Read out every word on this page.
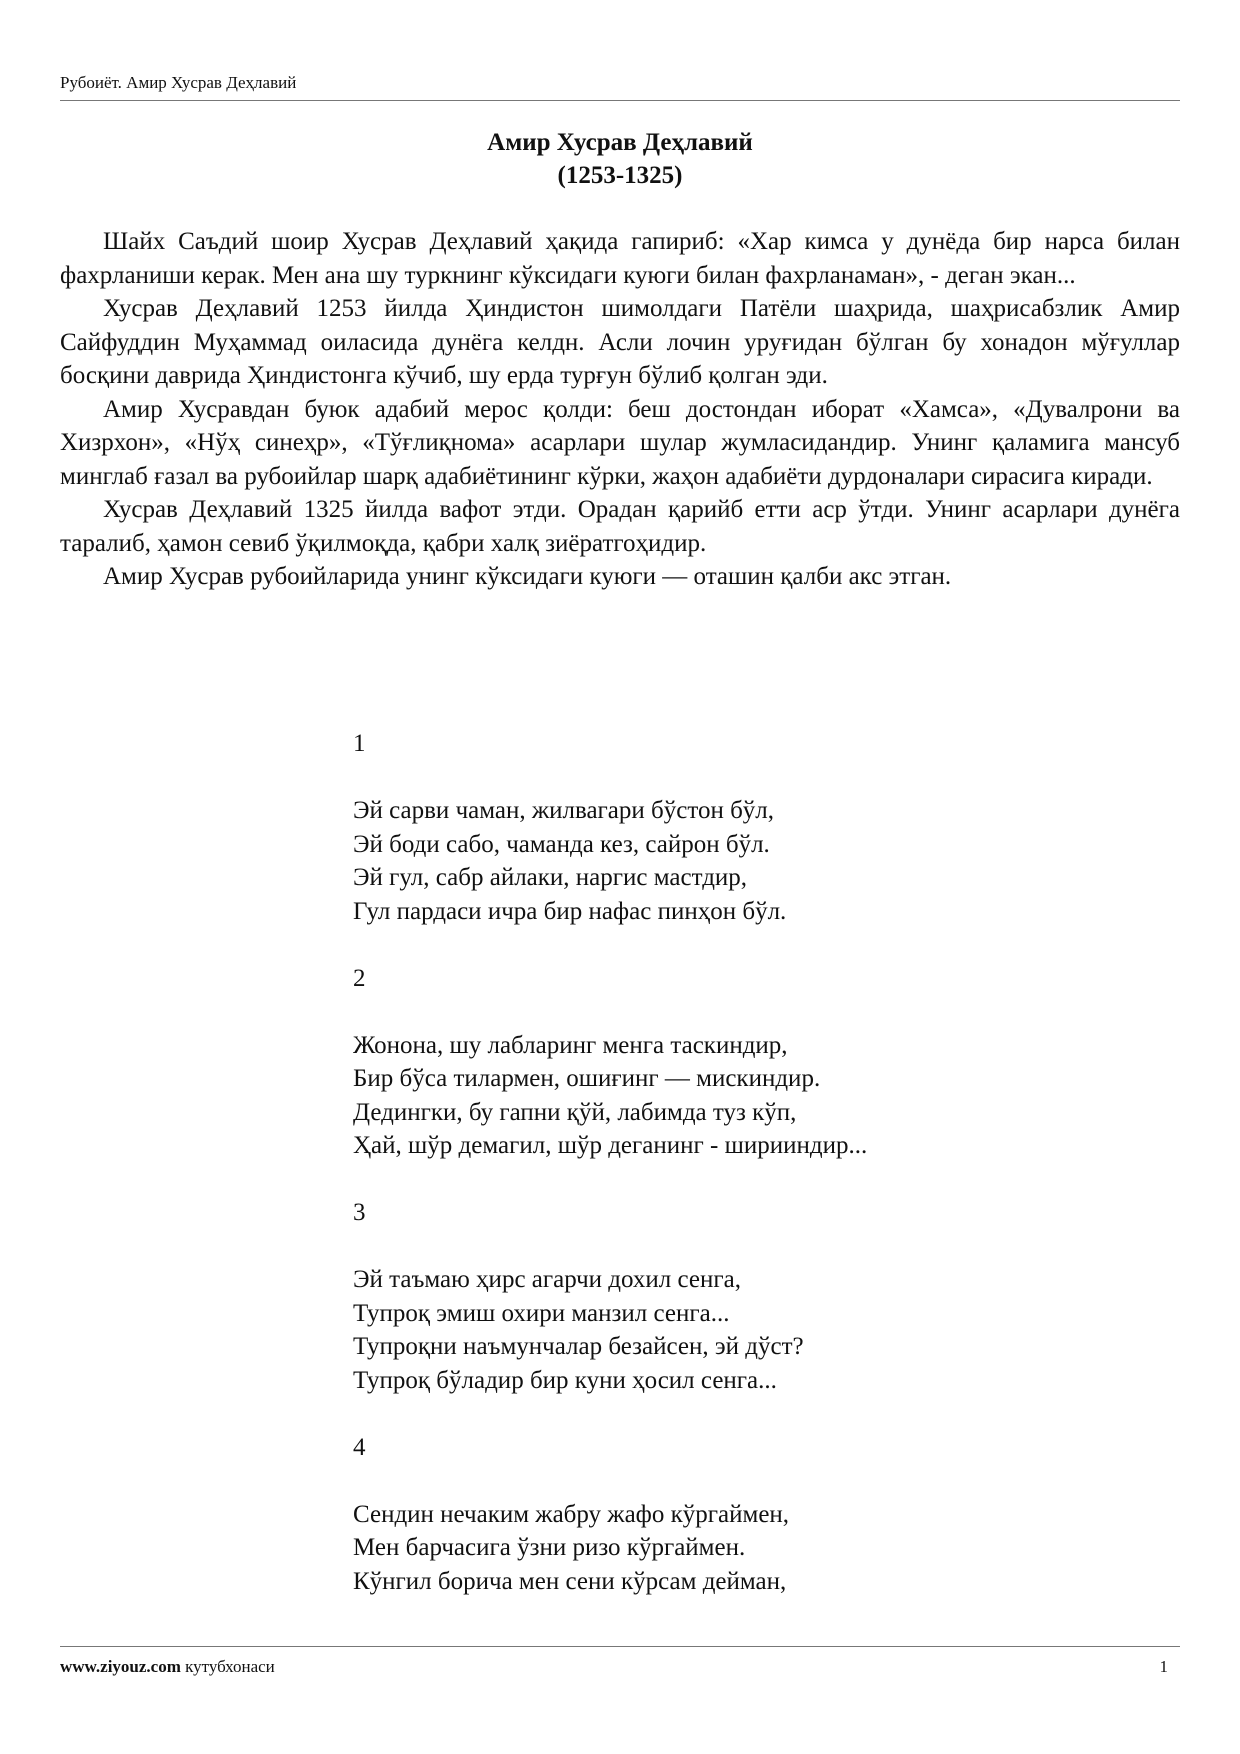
Рубоиёт. Амир Хусрав Деҳлавий
Амир Хусрав Деҳлавий
(1253-1325)

Шайх Саъдий шоир Хусрав Деҳлавий ҳақида гапириб: «Хар кимса у дунёда бир нарса билан фахрланиши керак. Мен ана шу туркнинг кўксидаги куюги билан фахрланаман», - деган экан...

Хусрав Деҳлавий 1253 йилда Ҳиндистон шимолдаги Патёли шаҳрида, шаҳрисабзлик Амир Сайфуддин Муҳаммад оиласида дунёга келдн. Асли лочин уруғидан бўлган бу хонадон мўғуллар босқини даврида Ҳиндистонга кўчиб, шу ерда турғун бўлиб қолган эди.

Амир Хусравдан буюк адабий мерос қолди: беш достондан иборат «Хамса», «Дувалрони ва Хизрхон», «Нўҳ синеҳр», «Тўғлиқнома» асарлари шулар жумласидандир. Унинг қаламига мансуб минглаб ғазал ва рубоийлар шарқ адабиётининг кўрки, жаҳон адабиёти дурдоналари сирасига киради.

Хусрав Деҳлавий 1325 йилда вафот этди. Орадан қарийб етти аср ўтди. Унинг асарлари дунёга таралиб, ҳамон севиб ўқилмоқда, қабри халқ зиёратгоҳидир.

Амир Хусрав рубоийларида унинг кўксидаги куюги — оташин қалби акс этган.

1
Эй сарви чаман, жилвагари бўстон бўл,
Эй боди сабо, чаманда кез, сайрон бўл.
Эй гул, сабр айлаки, наргис мастдир,
Гул пардаси ичра бир нафас пинҳон бўл.
2
Жонона, шу лабларинг менга таскиндир,
Бир бўса тилармен, ошиғинг — мискиндир.
Дедингки, бу гапни қўй, лабимда туз кўп,
Ҳай, шўр демагил, шўр деганинг - ширииндир...
3
Эй таъмаю ҳирс агарчи дохил сенга,
Тупроқ эмиш охири манзил сенга...
Тупроқни наъмунчалар безайсен, эй дўст?
Тупроқ бўладир бир куни ҳосил сенга...
4
Сендин нечаким жабру жафо кўргаймен,
Мен барчасига ўзни ризо кўргаймен.
Кўнгил борича мен сени кўрсам дейман,
www.ziyouz.com кутубхонаси	1
